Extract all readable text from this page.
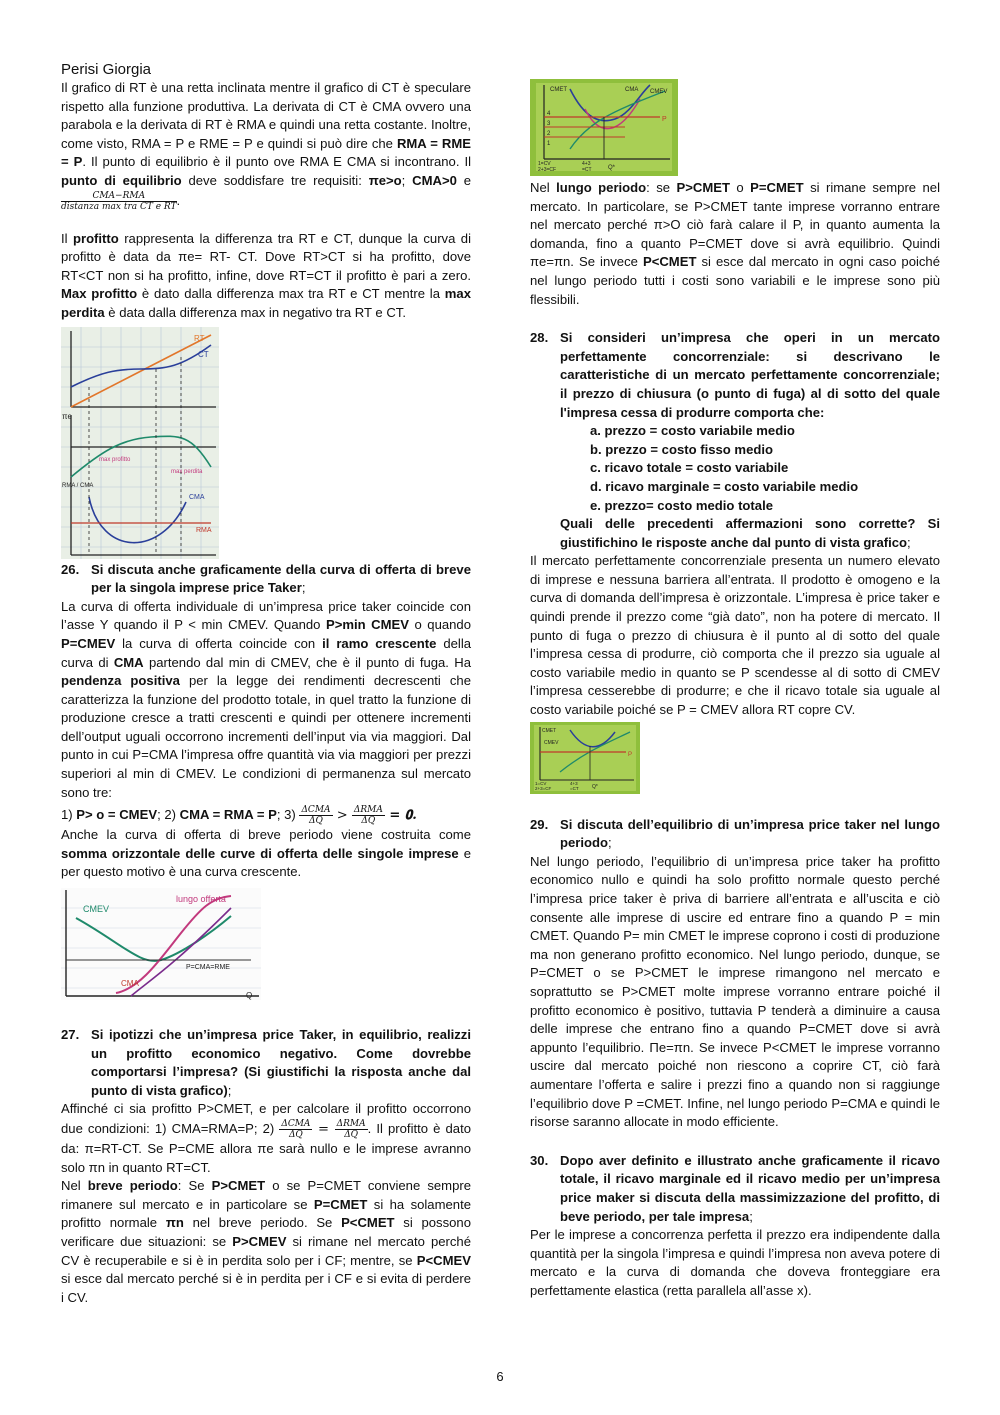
Perisi Giorgia

Il grafico di RT è una retta inclinata mentre il grafico di CT è speculare rispetto alla funzione produttiva. La derivata di CT è CMA ovvero una parabola e la derivata di RT è RMA e quindi una retta costante. Inoltre, come visto, RMA = P e RME = P e quindi si può dire che RMA = RME = P. Il punto di equilibrio è il punto ove RMA E CMA si incontrano. Il punto di equilibrio deve soddisfare tre requisiti: πe>o; CMA>0 e
$\frac{\text{CMA−RMA}}{\text{distanza max tra CT e RT}}$ .

Il profitto rappresenta la differenza tra RT e CT, dunque la curva di profitto è data da πe= RT- CT. Dove RT>CT si ha profitto, dove RT<CT non si ha profitto, infine, dove RT=CT il profitto è pari a zero. Max profitto è dato dalla differenza max tra RT e CT mentre la max perdita è data dalla differenza max in negativo tra RT e CT.

RT
CT
πe
max profitto
max perdita
RMA / CMA
CMA
RMA
26. Si discuta anche graficamente della curva di offerta di breve per la singola imprese price Taker;

La curva di offerta individuale di un’impresa price taker coincide con l’asse Y quando il P < min CMEV. Quando P>min CMEV o quando P=CMEV la curva di offerta coincide con il ramo crescente della curva di CMA partendo dal min di CMEV, che è il punto di fuga. Ha pendenza positiva per la legge dei rendimenti decrescenti che caratterizza la funzione del prodotto totale, in quel tratto la funzione di produzione cresce a tratti crescenti e quindi per ottenere incrementi dell’output uguali occorrono incrementi dell’input via via maggiori. Dal punto in cui P=CMA l’impresa offre quantità via via maggiori per prezzi superiori al min di CMEV. Le condizioni di permanenza sul mercato sono tre:

1) P> o = CMEV; 2) CMA = RMA = P; $3) \frac{\text{ΔCMA}}{\Delta Q} > \frac{\text{ΔRMA}}{\Delta Q}$ = 𝟎.

Anche la curva di offerta di breve periodo viene costruita come somma orizzontale delle curve di offerta delle singole imprese e per questo motivo è una curva crescente.

CMEV
lungo offerta
P=CMA=RME
CMA
Q
27. Si ipotizzi che un’impresa price Taker, in equilibrio, realizzi un profitto economico negativo. Come dovrebbe comportarsi l’impresa? (Si giustifichi la risposta anche dal punto di vista grafico);

Affinché ci sia profitto P>CMET, e per calcolare il profitto occorrono due condizioni: 1) CMA=RMA=P; $2) \frac{\text{ΔCMA}}{\Delta Q} = \frac{\text{ΔRMA}}{\Delta Q}$ . Il profitto è dato da: π=RT-CT. Se P=CME allora πe sarà nullo e le imprese avranno solo πn in quanto RT=CT.

Nel breve periodo: Se P>CMET o se P=CMET conviene sempre rimanere sul mercato e in particolare se P=CMET si ha solamente profitto normale πn nel breve periodo. Se P<CMET si possono verificare due situazioni: se P>CMEV si rimane nel mercato perché CV è recuperabile e si è in perdita solo per i CF; mentre, se P<CMEV si esce dal mercato perché si è in perdita per i CF e si evita di perdere i CV.

CMET	CMA CMEV
P
4
3
2
1
1=CV
2+3=CF
4+3
=CT	Q*

Nel lungo periodo: se P>CMET o P=CMET si rimane sempre nel mercato. In particolare, se P>CMET tante imprese vorranno entrare nel mercato perché π>O ciò farà calare il P, in quanto aumenta la domanda, fino a quanto P=CMET dove si avrà equilibrio. Quindi πe=πn. Se invece P<CMET si esce dal mercato in ogni caso poiché nel lungo periodo tutti i costi sono variabili e le imprese sono più flessibili.

28. Si consideri un’impresa che operi in un mercato perfettamente concorrenziale: si descrivano le caratteristiche di un mercato perfettamente concorrenziale; il prezzo di chiusura (o punto di fuga) al di sotto del quale l'impresa cessa di produrre comporta che:
a. prezzo = costo variabile medio
b. prezzo = costo fisso medio
c. ricavo totale = costo variabile
d. ricavo marginale = costo variabile medio
e. prezzo= costo medio totale

Quali delle precedenti affermazioni sono corrette? Si giustifichino le risposte anche dal punto di vista grafico;

Il mercato perfettamente concorrenziale presenta un numero elevato di imprese e nessuna barriera all’entrata. Il prodotto è omogeno e la curva di domanda dell’impresa è orizzontale. L’impresa è price taker e quindi prende il prezzo come “già dato”, non ha potere di mercato. Il punto di fuga o prezzo di chiusura è il punto al di sotto del quale l’impresa cessa di produrre, ciò comporta che il prezzo sia uguale al costo variabile medio in quanto se P scendesse al di sotto di CMEV l’impresa cesserebbe di produrre; e che il ricavo totale sia uguale al costo variabile poiché se P = CMEV allora RT copre CV.

CMET
CMEV
P
1=CV
2+3=CF
4+3
=CT	Q*
29. Si discuta dell’equilibrio di un’impresa price taker nel lungo periodo;

Nel lungo periodo, l’equilibrio di un’impresa price taker ha profitto economico nullo e quindi ha solo profitto normale questo perché l’impresa price taker è priva di barriere all’entrata e all’uscita e ciò consente alle imprese di uscire ed entrare fino a quando P = min CMET. Quando P= min CMET le imprese coprono i costi di produzione ma non generano profitto economico. Nel lungo periodo, dunque, se P=CMET o se P>CMET le imprese rimangono nel mercato e soprattutto se P>CMET molte imprese vorranno entrare poiché il profitto economico è positivo, tuttavia P tenderà a diminuire a causa delle imprese che entrano fino a quando P=CMET dove si avrà appunto l’equilibrio. Πe=πn. Se invece P<CMET le imprese vorranno uscire dal mercato poiché non riescono a coprire CT, ciò farà aumentare l’offerta e salire i prezzi fino a quando non si raggiunge l’equilibrio dove P =CMET. Infine, nel lungo periodo P=CMA e quindi le risorse saranno allocate in modo efficiente.

30. Dopo aver definito e illustrato anche graficamente il ricavo totale, il ricavo marginale ed il ricavo medio per un’impresa price maker si discuta della massimizzazione del profitto, di beve periodo, per tale impresa;

Per le imprese a concorrenza perfetta il prezzo era indipendente dalla quantità per la singola l’impresa e quindi l’impresa non aveva potere di mercato e la curva di domanda che doveva fronteggiare era perfettamente elastica (retta parallela all’asse x).

6
